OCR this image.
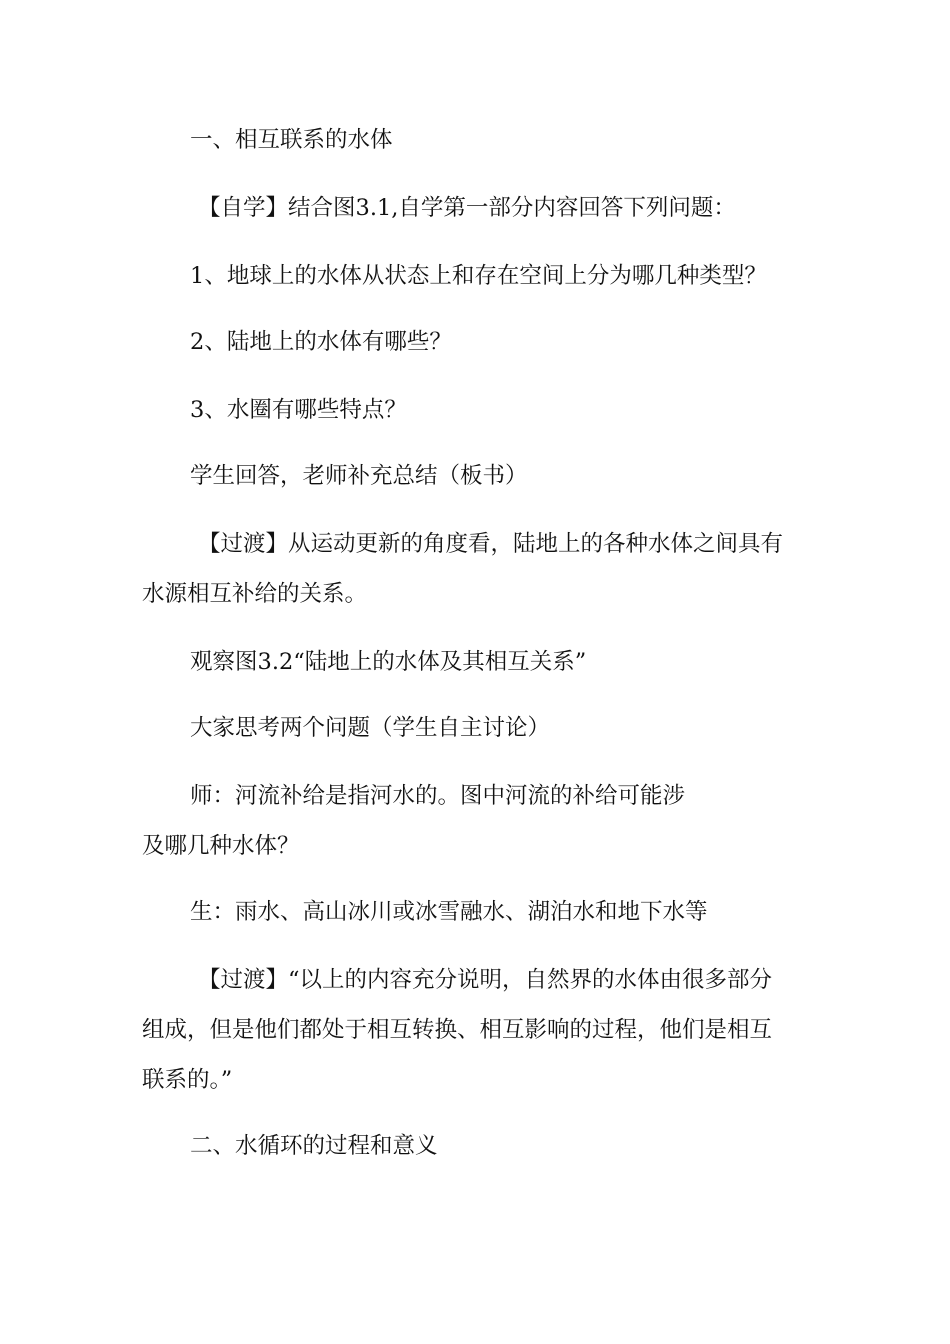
一、相互联系的水体
【自学】结合图3.1,自学第一部分内容回答下列问题：
1、地球上的水体从状态上和存在空间上分为哪几种类型？
2、陆地上的水体有哪些？
3、水圈有哪些特点？
学生回答，老师补充总结（板书）
【过渡】从运动更新的角度看，陆地上的各种水体之间具有
水源相互补给的关系。
观察图3.2“陆地上的水体及其相互关系”
大家思考两个问题（学生自主讨论）
师：河流补给是指河水的。图中河流的补给可能涉
及哪几种水体？
生：雨水、高山冰川或冰雪融水、湖泊水和地下水等
【过渡】“以上的内容充分说明，自然界的水体由很多部分
组成，但是他们都处于相互转换、相互影响的过程，他们是相互
联系的。”
二、水循环的过程和意义
